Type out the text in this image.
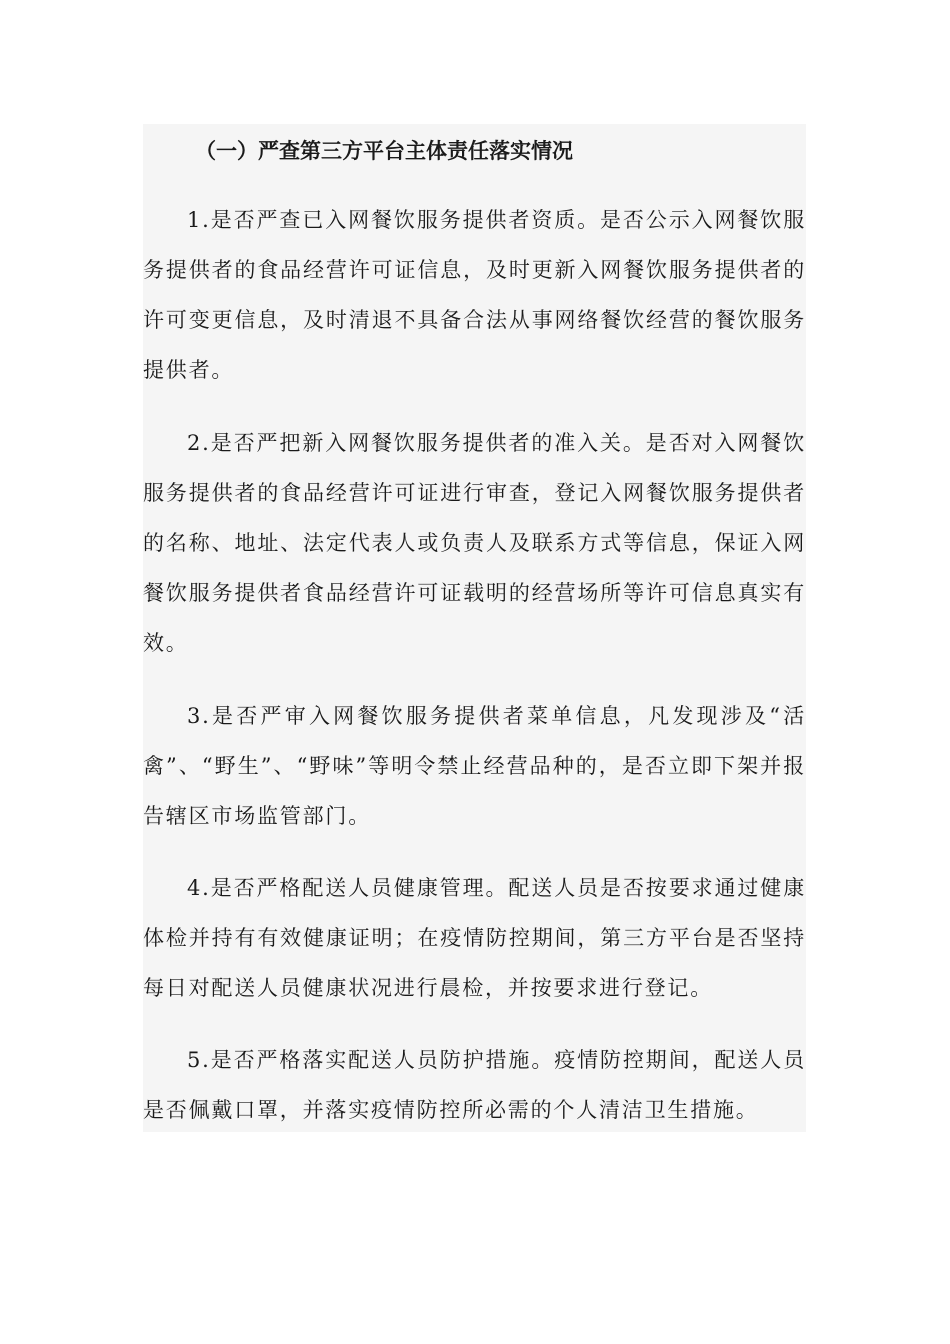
（一）严查第三方平台主体责任落实情况

1.是否严查已入网餐饮服务提供者资质。是否公示入网餐饮服务提供者的食品经营许可证信息，及时更新入网餐饮服务提供者的许可变更信息，及时清退不具备合法从事网络餐饮经营的餐饮服务提供者。

2.是否严把新入网餐饮服务提供者的准入关。是否对入网餐饮服务提供者的食品经营许可证进行审查，登记入网餐饮服务提供者的名称、地址、法定代表人或负责人及联系方式等信息，保证入网餐饮服务提供者食品经营许可证载明的经营场所等许可信息真实有效。

3.是否严审入网餐饮服务提供者菜单信息，凡发现涉及“活禽”、“野生”、“野味”等明令禁止经营品种的，是否立即下架并报告辖区市场监管部门。

4.是否严格配送人员健康管理。配送人员是否按要求通过健康体检并持有有效健康证明；在疫情防控期间，第三方平台是否坚持每日对配送人员健康状况进行晨检，并按要求进行登记。

5.是否严格落实配送人员防护措施。疫情防控期间，配送人员是否佩戴口罩，并落实疫情防控所必需的个人清洁卫生措施。
